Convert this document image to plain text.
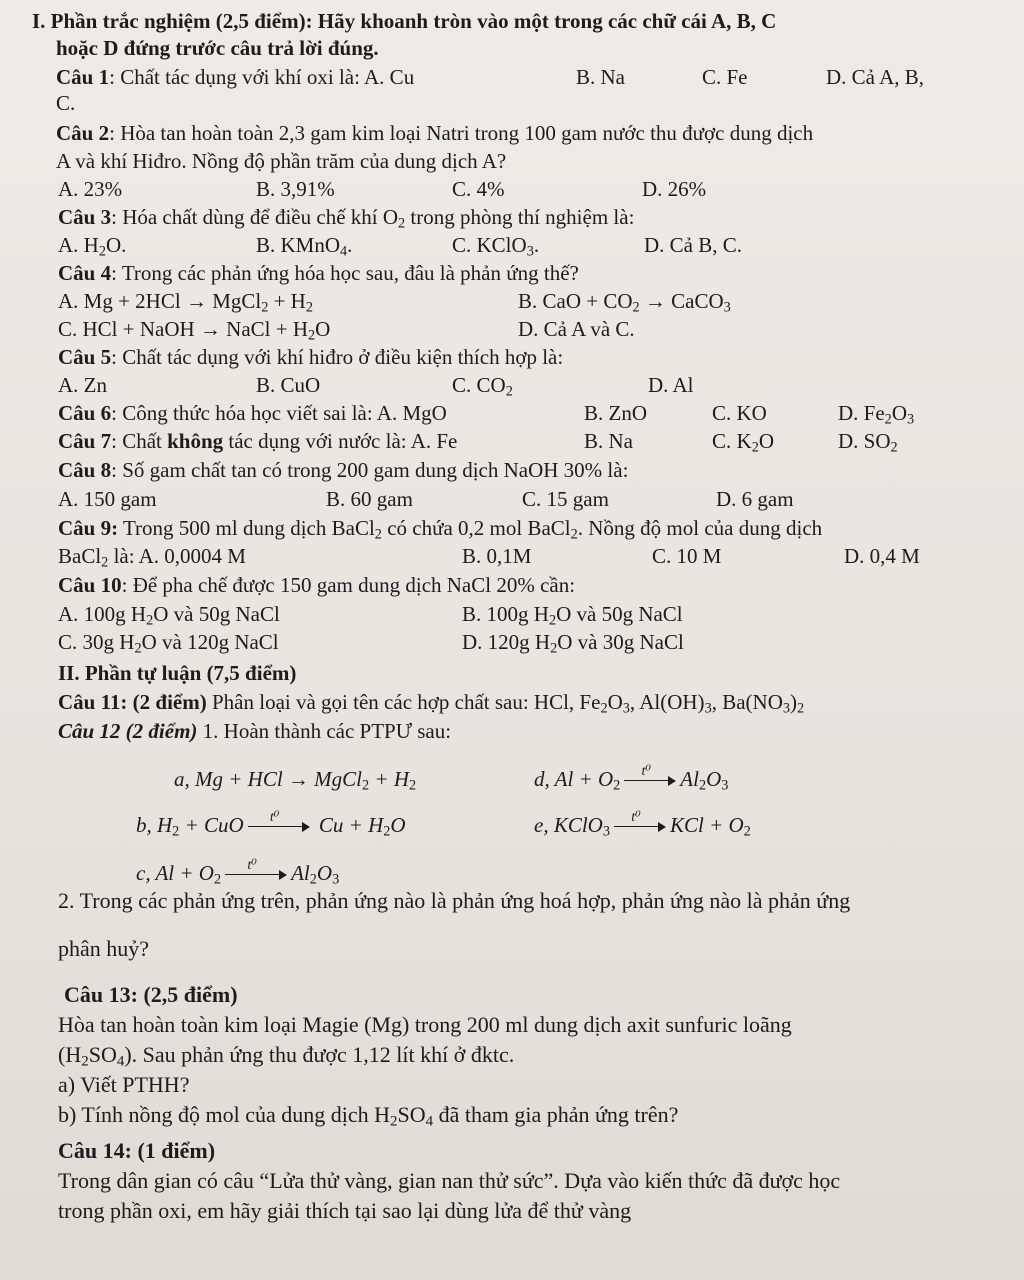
I. Phần trắc nghiệm (2,5 điểm): Hãy khoanh tròn vào một trong các chữ cái A, B, C
hoặc D đứng trước câu trả lời đúng.
Câu 1: Chất tác dụng với khí oxi là: A. Cu	B. Na	C. Fe	D. Cả A, B,
C.
Câu 2: Hòa tan hoàn toàn 2,3 gam kim loại Natri trong 100 gam nước thu được dung dịch
A và khí Hiđro. Nồng độ phần trăm của dung dịch A?
A. 23%	B. 3,91%	C. 4%	D. 26%
Câu 3: Hóa chất dùng để điều chế khí $O_2$ trong phòng thí nghiệm là:
A. $H_2O$.	B. KMnO$_4$.	C. KClO$_3$.	D. Cả B, C.
Câu 4: Trong các phản ứng hóa học sau, đâu là phản ứng thế?
A. Mg + 2HCl → MgCl$_2$ + $H_2$	B. CaO + $CO_2$ → CaCO$_3$
C. HCl + NaOH → NaCl + $H_2O$	D. Cả A và C.
Câu 5: Chất tác dụng với khí hiđro ở điều kiện thích hợp là:
A. Zn	B. CuO	C. $CO_2$	D. Al
Câu 6: Công thức hóa học viết sai là: A. MgO	B. ZnO	C. KO	D. $Fe_2O_3$
Câu 7: Chất không tác dụng với nước là: A. Fe	B. Na	C. $K_2O$	D. $SO_2$
Câu 8: Số gam chất tan có trong 200 gam dung dịch NaOH 30% là:
A. 150 gam	B. 60 gam	C. 15 gam	D. 6 gam
Câu 9: Trong 500 ml dung dịch BaCl$_2$ có chứa 0,2 mol BaCl$_2$. Nồng độ mol của dung dịch
BaCl$_2$ là: A. 0,0004 M	B. 0,1M	C. 10 M	D. 0,4 M
Câu 10: Để pha chế được 150 gam dung dịch NaCl 20% cần:
A. 100g $H_2O$ và 50g NaCl	B. 100g $H_2O$ và 50g NaCl
C. 30g $H_2O$ và 120g NaCl	D. 120g $H_2O$ và 30g NaCl
II. Phần tự luận (7,5 điểm)
Câu 11: (2 điểm) Phân loại và gọi tên các hợp chất sau: HCl, $Fe_2O_3$, $Al(OH)_3$, $Ba(NO_3)_2$
Câu 12 (2 điểm) 1. Hoàn thành các PTPƯ sau:
a, Mg + HCl → MgCl$_2$ + $H_2$	d, $Al + O_2$
t⁰	$Al_2O_3$
b, $H_2$ + CuO	t⁰	$Cu + H_2O$	e, KClO$_3$
t⁰	KCl + $O_2$
c, $Al + O_2$
t⁰	$Al_2O_3$
2. Trong các phản ứng trên, phản ứng nào là phản ứng hoá hợp, phản ứng nào là phản ứng
phân huỷ?
Câu 13: (2,5 điểm)
Hòa tan hoàn toàn kim loại Magie (Mg) trong 200 ml dung dịch axit sunfuric loãng
$(H_2SO_4)$. Sau phản ứng thu được 1,12 lít khí ở đktc.
a) Viết PTHH?
b) Tính nồng độ mol của dung dịch $H_2SO_4$ đã tham gia phản ứng trên?
Câu 14: (1 điểm)
Trong dân gian có câu “Lửa thử vàng, gian nan thử sức”. Dựa vào kiến thức đã được học
trong phần oxi, em hãy giải thích tại sao lại dùng lửa để thử vàng
